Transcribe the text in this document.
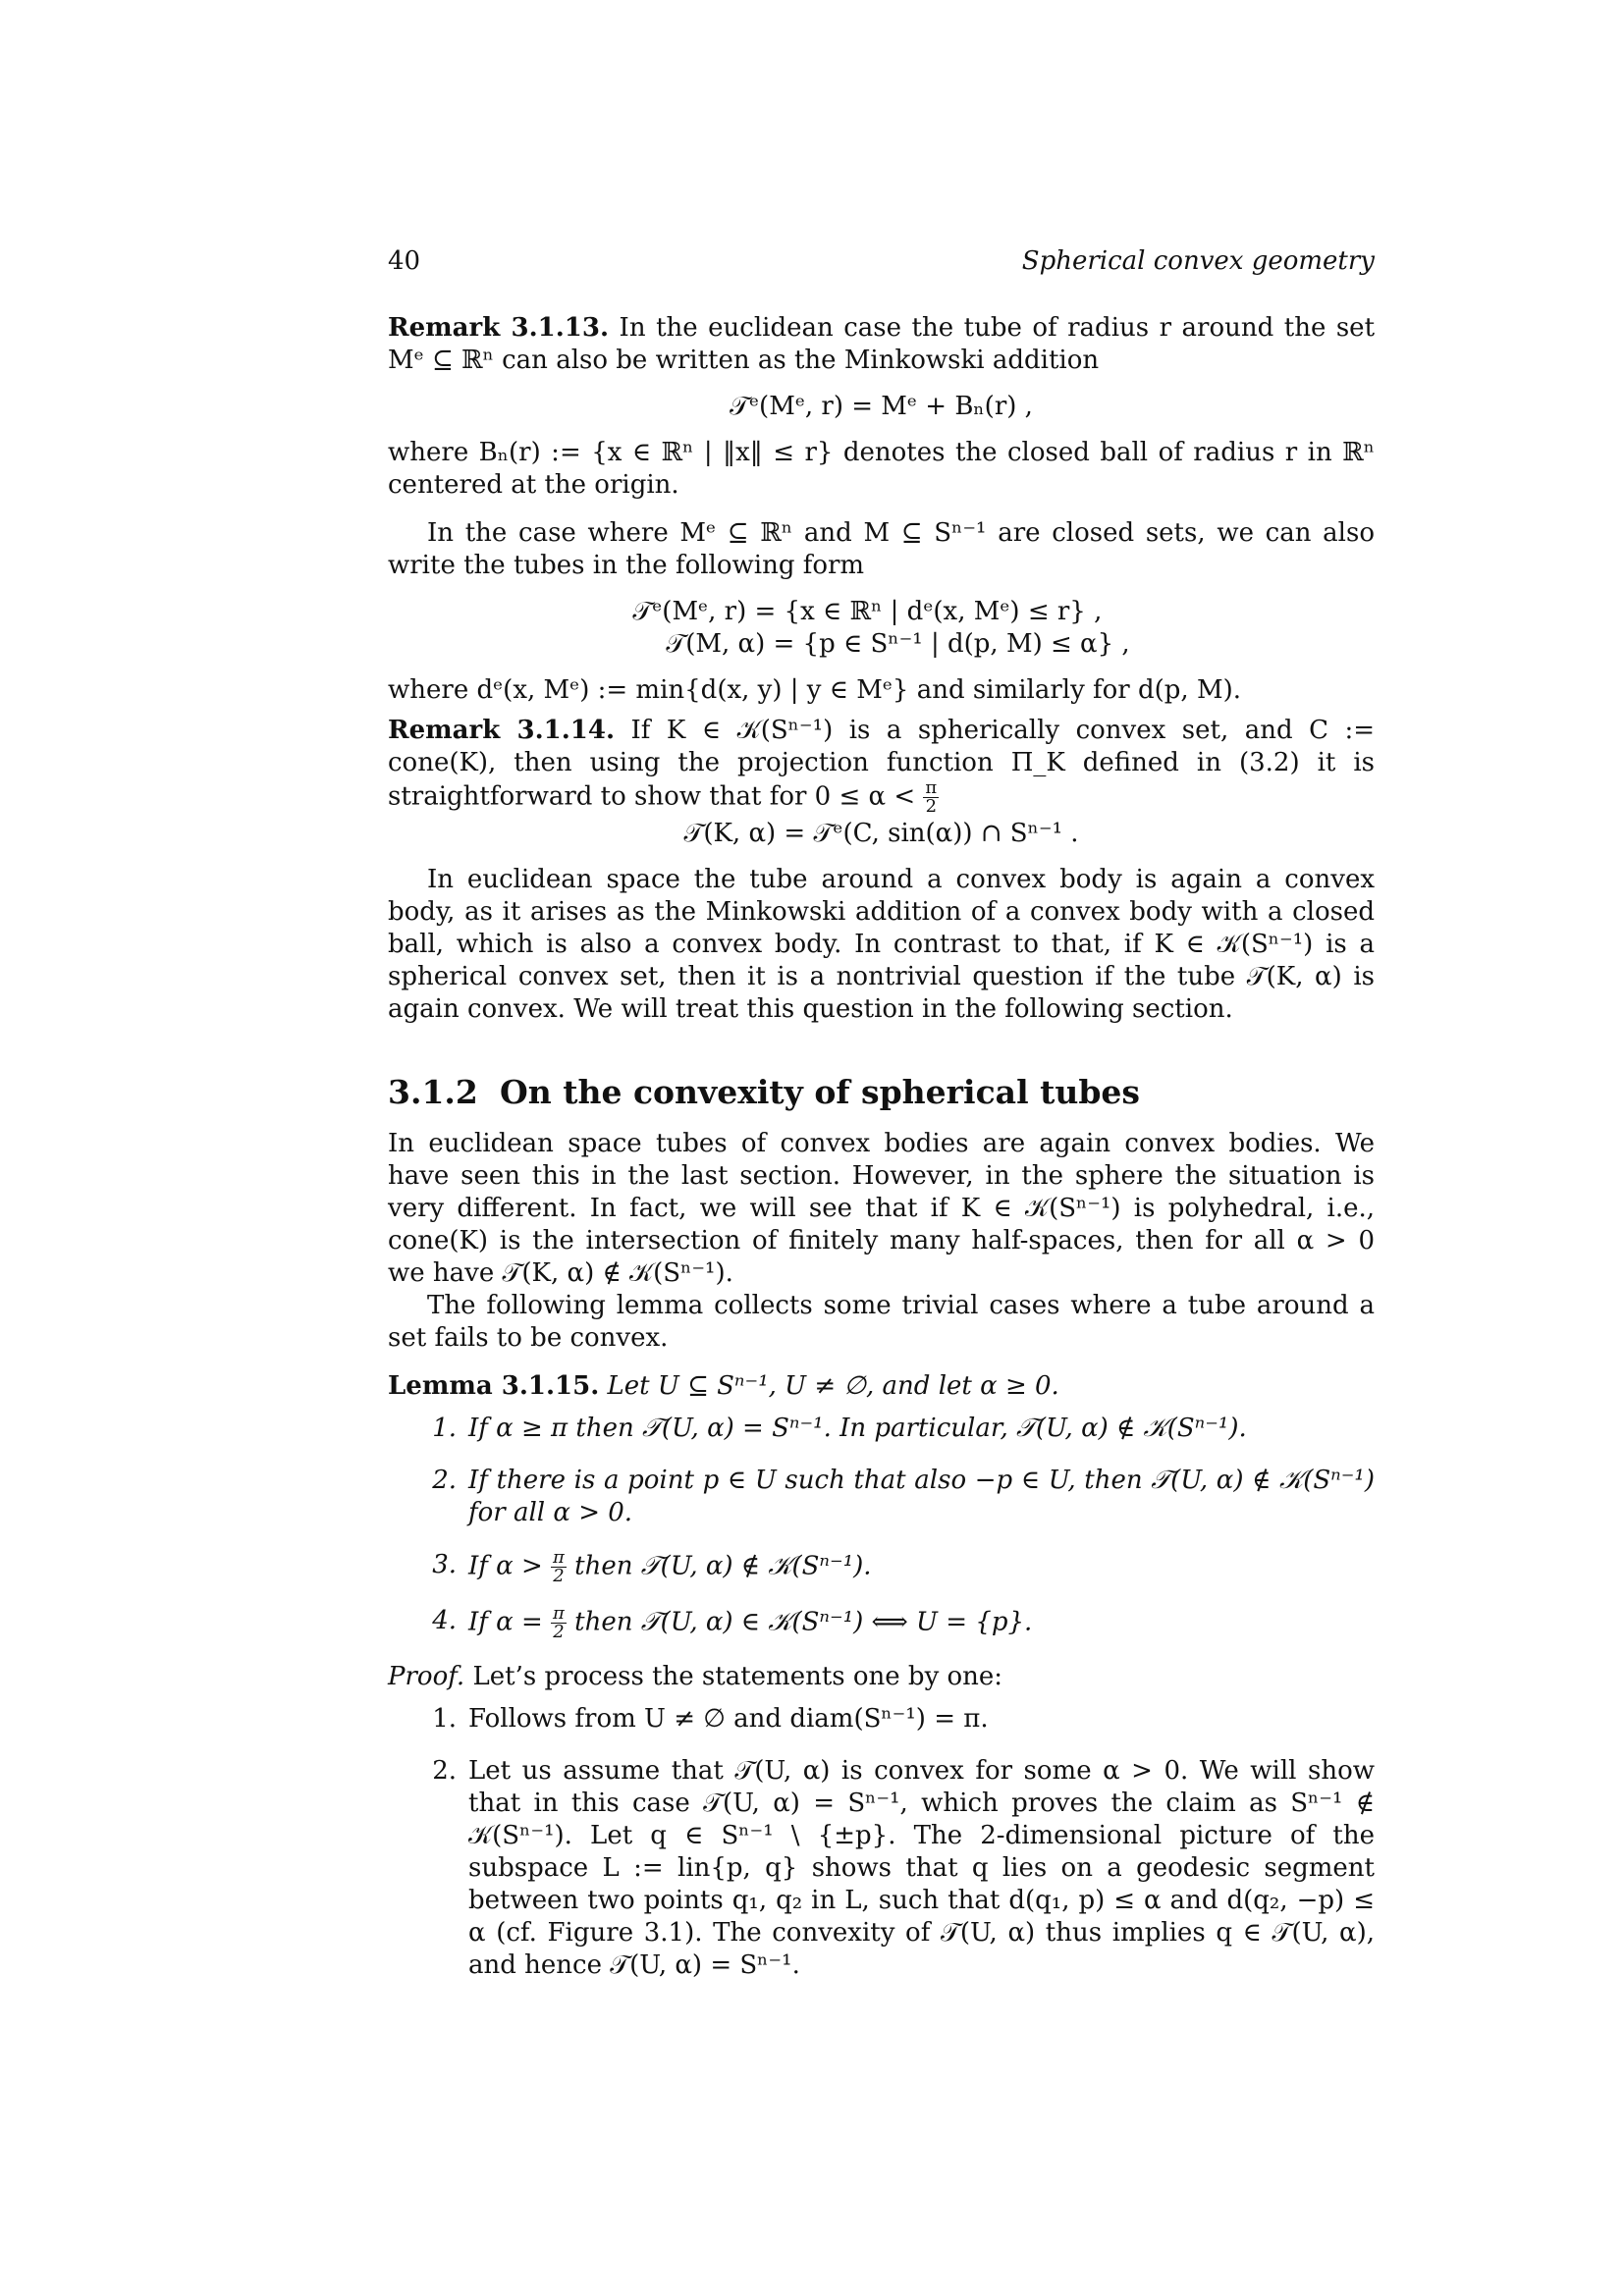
40	Spherical convex geometry

Remark 3.1.13. In the euclidean case the tube of radius r around the set Mᵉ ⊆ ℝⁿ can also be written as the Minkowski addition

𝒯ᵉ(Mᵉ, r) = Mᵉ + Bₙ(r) ,

where Bₙ(r) := {x ∈ ℝⁿ | ‖x‖ ≤ r} denotes the closed ball of radius r in ℝⁿ centered at the origin.

In the case where Mᵉ ⊆ ℝⁿ and M ⊆ Sⁿ⁻¹ are closed sets, we can also write the tubes in the following form

𝒯ᵉ(Mᵉ, r) = {x ∈ ℝⁿ | dᵉ(x, Mᵉ) ≤ r} ,
𝒯(M, α) = {p ∈ Sⁿ⁻¹ | d(p, M) ≤ α} ,

where dᵉ(x, Mᵉ) := min{d(x, y) | y ∈ Mᵉ} and similarly for d(p, M).

Remark 3.1.14. If K ∈ 𝒦(Sⁿ⁻¹) is a spherically convex set, and C := cone(K), then using the projection function Π_K defined in (3.2) it is straightforward to show that for $0 \le \alpha < \frac{\pi}{2}$

𝒯(K, α) = 𝒯ᵉ(C, sin(α)) ∩ Sⁿ⁻¹ .

In euclidean space the tube around a convex body is again a convex body, as it arises as the Minkowski addition of a convex body with a closed ball, which is also a convex body. In contrast to that, if K ∈ 𝒦(Sⁿ⁻¹) is a spherical convex set, then it is a nontrivial question if the tube 𝒯(K, α) is again convex. We will treat this question in the following section.

3.1.2 On the convexity of spherical tubes

In euclidean space tubes of convex bodies are again convex bodies. We have seen this in the last section. However, in the sphere the situation is very different. In fact, we will see that if K ∈ 𝒦(Sⁿ⁻¹) is polyhedral, i.e., cone(K) is the intersection of finitely many half-spaces, then for all α > 0 we have 𝒯(K, α) ∉ 𝒦(Sⁿ⁻¹).

The following lemma collects some trivial cases where a tube around a set fails to be convex.

Lemma 3.1.15. Let U ⊆ Sⁿ⁻¹, U ≠ ∅, and let α ≥ 0.

1. If α ≥ π then 𝒯(U, α) = Sⁿ⁻¹. In particular, 𝒯(U, α) ∉ 𝒦(Sⁿ⁻¹).
2. If there is a point p ∈ U such that also −p ∈ U, then 𝒯(U, α) ∉ 𝒦(Sⁿ⁻¹) for all α > 0.
3. If $\alpha > \frac{\pi}{2}$ then 𝒯(U, α) ∉ 𝒦(Sⁿ⁻¹).
4. If $\alpha = \frac{\pi}{2}$ then 𝒯(U, α) ∈ 𝒦(Sⁿ⁻¹) ⟺ U = {p}.

Proof. Let’s process the statements one by one:

1. Follows from U ≠ ∅ and diam(Sⁿ⁻¹) = π.
2. Let us assume that 𝒯(U, α) is convex for some α > 0. We will show that in this case 𝒯(U, α) = Sⁿ⁻¹, which proves the claim as Sⁿ⁻¹ ∉ 𝒦(Sⁿ⁻¹). Let q ∈ Sⁿ⁻¹ \ {±p}. The 2-dimensional picture of the subspace L := lin{p, q} shows that q lies on a geodesic segment between two points q₁, q₂ in L, such that d(q₁, p) ≤ α and d(q₂, −p) ≤ α (cf. Figure 3.1). The convexity of 𝒯(U, α) thus implies q ∈ 𝒯(U, α), and hence 𝒯(U, α) = Sⁿ⁻¹.
